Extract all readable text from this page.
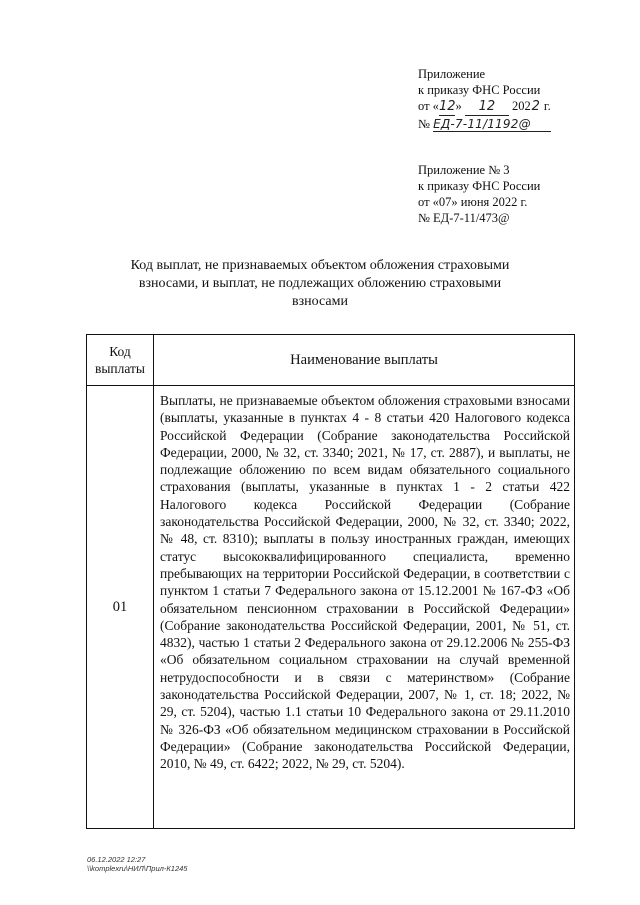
Приложение
к приказу ФНС России
от «12» 12 2022 г.
№ ЕД-7-11/1192@
Приложение № 3
к приказу ФНС России
от «07» июня 2022 г.
№ ЕД-7-11/473@
Код выплат, не признаваемых объектом обложения страховыми взносами, и выплат, не подлежащих обложению страховыми взносами
Код выплаты	Наименование выплаты
01	Выплаты, не признаваемые объектом обложения страховыми взносами (выплаты, указанные в пунктах 4 - 8 статьи 420 Налогового кодекса Российской Федерации (Собрание законодательства Российской Федерации, 2000, № 32, ст. 3340; 2021, № 17, ст. 2887), и выплаты, не подлежащие обложению по всем видам обязательного социального страхования (выплаты, указанные в пунктах 1 - 2 статьи 422 Налогового кодекса Российской Федерации (Собрание законодательства Российской Федерации, 2000, № 32, ст. 3340; 2022, № 48, ст. 8310); выплаты в пользу иностранных граждан, имеющих статус высококвалифицированного специалиста, временно пребывающих на территории Российской Федерации, в соответствии с пунктом 1 статьи 7 Федерального закона от 15.12.2001 № 167-ФЗ «Об обязательном пенсионном страховании в Российской Федерации» (Собрание законодательства Российской Федерации, 2001, № 51, ст. 4832), частью 1 статьи 2 Федерального закона от 29.12.2006 № 255-ФЗ «Об обязательном социальном страховании на случай временной нетрудоспособности и в связи с материнством» (Собрание законодательства Российской Федерации, 2007, № 1, ст. 18; 2022, № 29, ст. 5204), частью 1.1 статьи 10 Федерального закона от 29.11.2010 № 326-ФЗ «Об обязательном медицинском страховании в Российской Федерации» (Собрание законодательства Российской Федерации, 2010, № 49, ст. 6422; 2022, № 29, ст. 5204).
06.12.2022 12:27
\\komplexru\НИЛ\Прил-К1245
